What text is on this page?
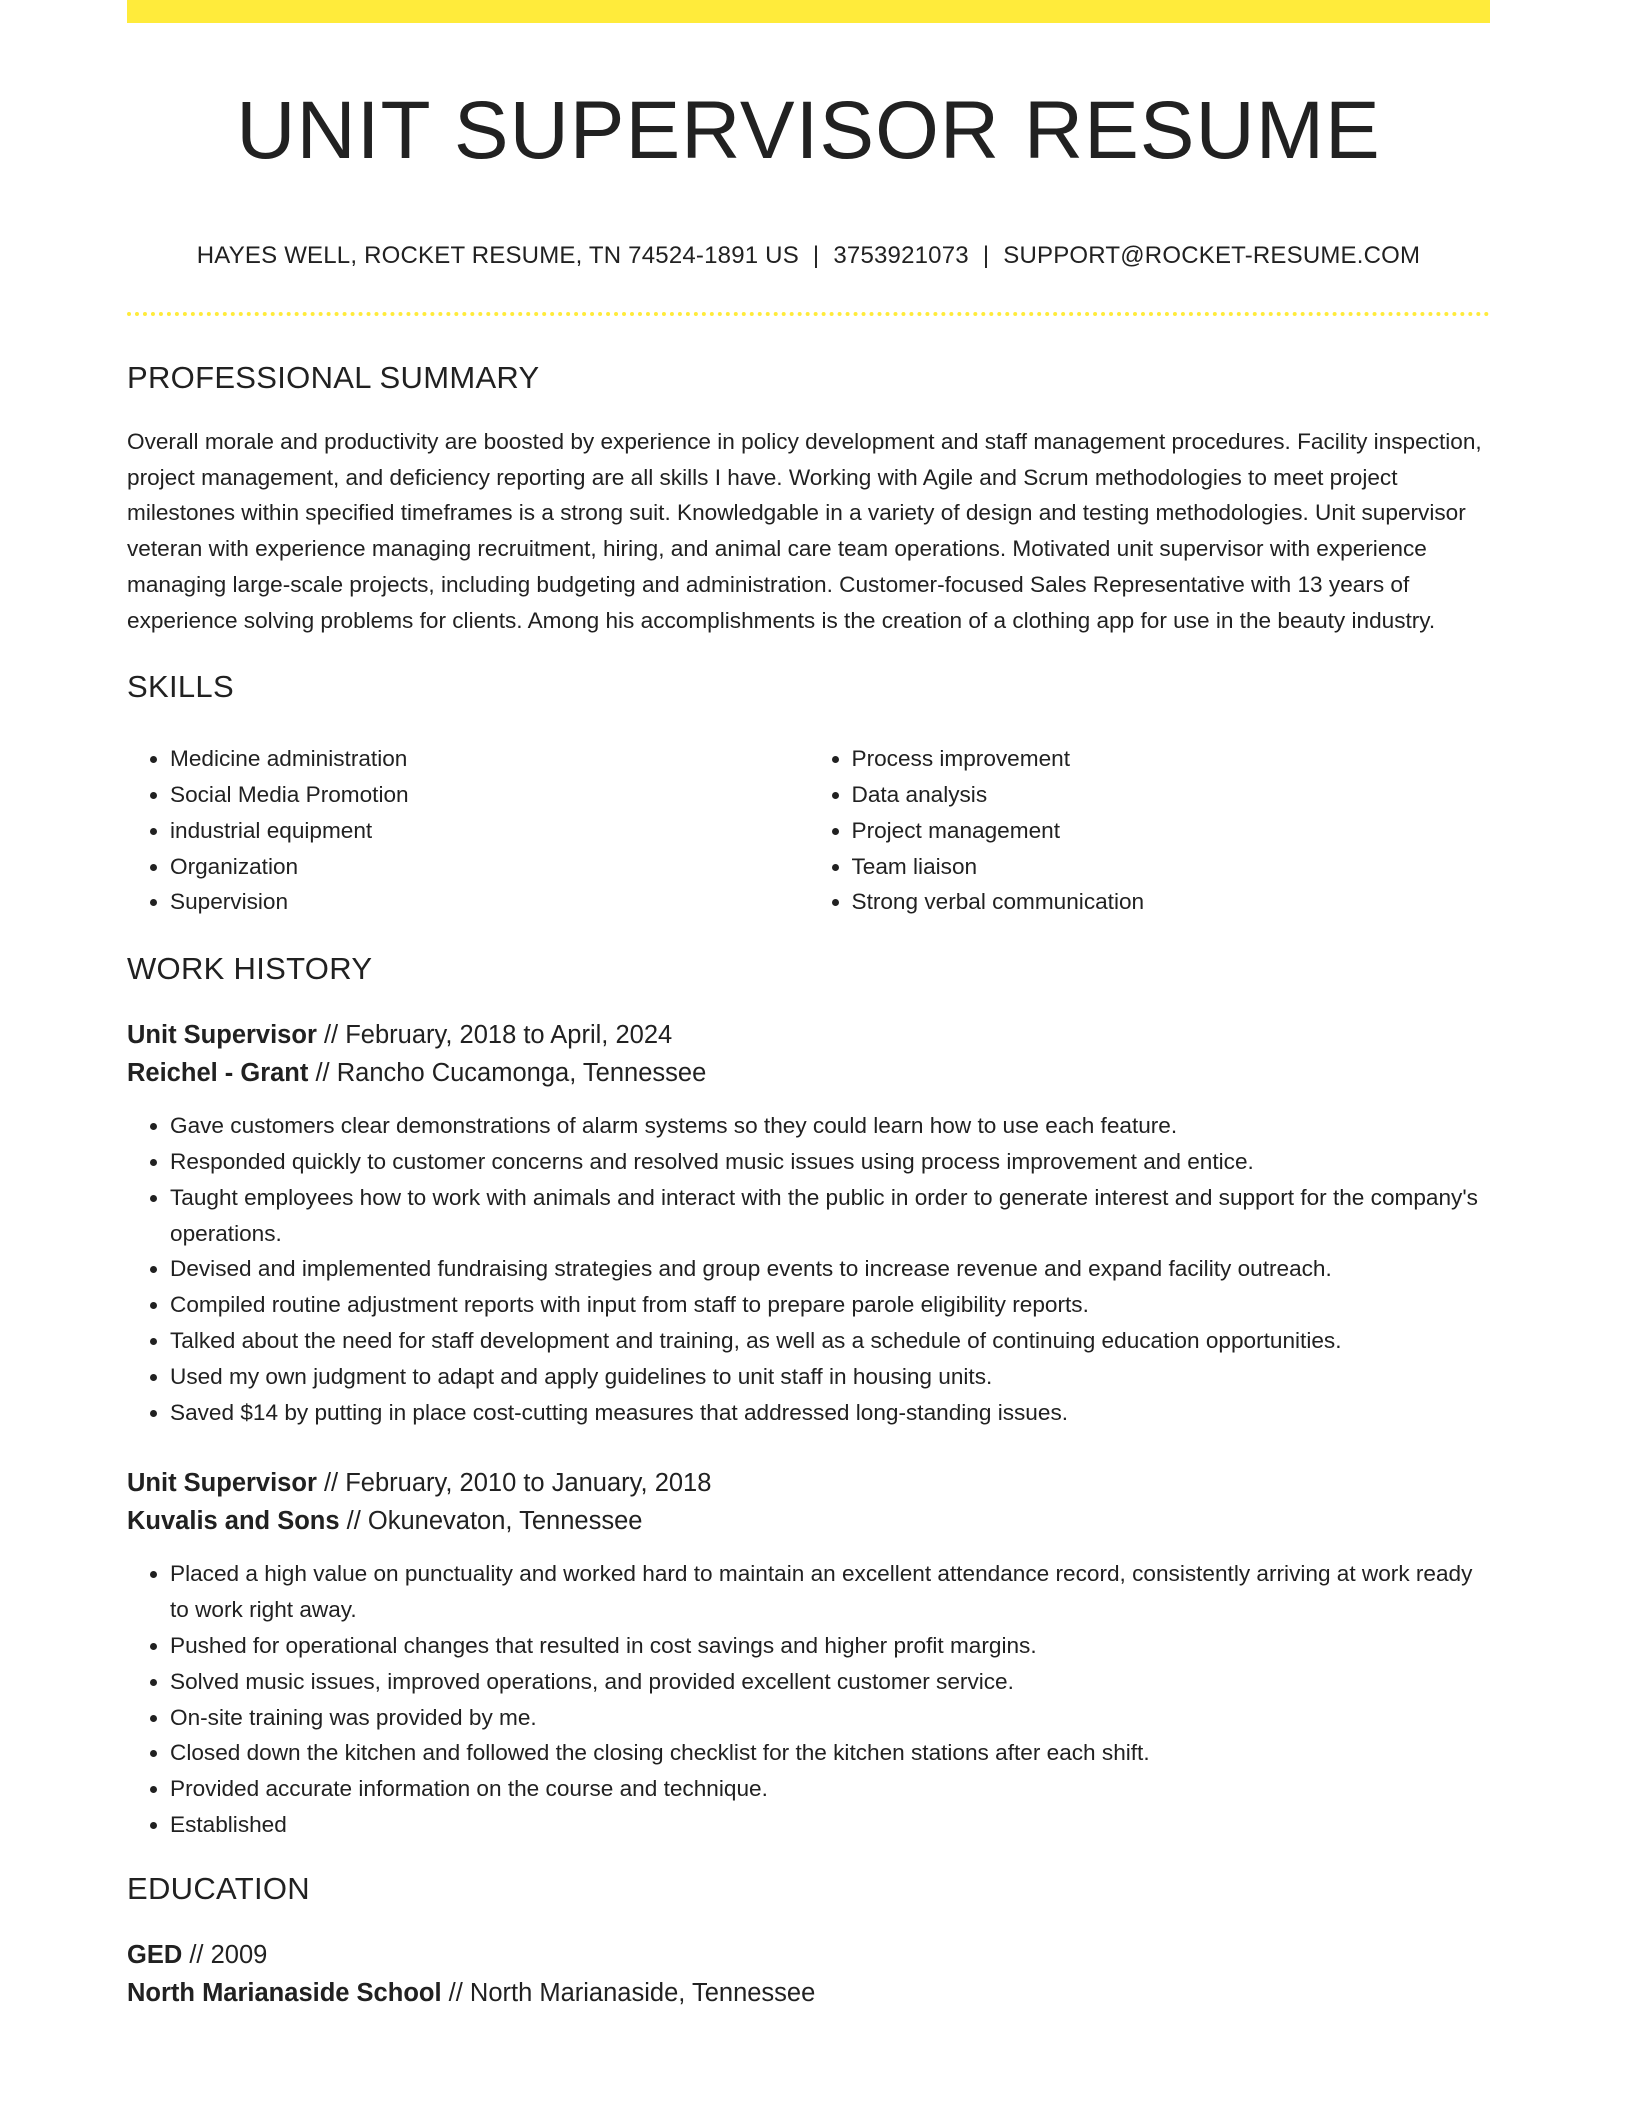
UNIT SUPERVISOR RESUME
HAYES WELL, ROCKET RESUME, TN 74524-1891 US | 3753921073 | SUPPORT@ROCKET-RESUME.COM
PROFESSIONAL SUMMARY

Overall morale and productivity are boosted by experience in policy development and staff management procedures. Facility inspection, project management, and deficiency reporting are all skills I have. Working with Agile and Scrum methodologies to meet project milestones within specified timeframes is a strong suit. Knowledgable in a variety of design and testing methodologies. Unit supervisor veteran with experience managing recruitment, hiring, and animal care team operations. Motivated unit supervisor with experience managing large-scale projects, including budgeting and administration. Customer-focused Sales Representative with 13 years of experience solving problems for clients. Among his accomplishments is the creation of a clothing app for use in the beauty industry.

SKILLS
• Medicine administration
• Social Media Promotion
• industrial equipment
• Organization
• Supervision
• Process improvement
• Data analysis
• Project management
• Team liaison
• Strong verbal communication
WORK HISTORY
Unit Supervisor // February, 2018 to April, 2024
Reichel - Grant // Rancho Cucamonga, Tennessee
• Gave customers clear demonstrations of alarm systems so they could learn how to use each feature.
• Responded quickly to customer concerns and resolved music issues using process improvement and entice.
• Taught employees how to work with animals and interact with the public in order to generate interest and support for the company's operations.
• Devised and implemented fundraising strategies and group events to increase revenue and expand facility outreach.
• Compiled routine adjustment reports with input from staff to prepare parole eligibility reports.
• Talked about the need for staff development and training, as well as a schedule of continuing education opportunities.
• Used my own judgment to adapt and apply guidelines to unit staff in housing units.
• Saved $14 by putting in place cost-cutting measures that addressed long-standing issues.
Unit Supervisor // February, 2010 to January, 2018
Kuvalis and Sons // Okunevaton, Tennessee
• Placed a high value on punctuality and worked hard to maintain an excellent attendance record, consistently arriving at work ready to work right away.
• Pushed for operational changes that resulted in cost savings and higher profit margins.
• Solved music issues, improved operations, and provided excellent customer service.
• On-site training was provided by me.
• Closed down the kitchen and followed the closing checklist for the kitchen stations after each shift.
• Provided accurate information on the course and technique.
• Established
EDUCATION
GED // 2009
North Marianaside School // North Marianaside, Tennessee
